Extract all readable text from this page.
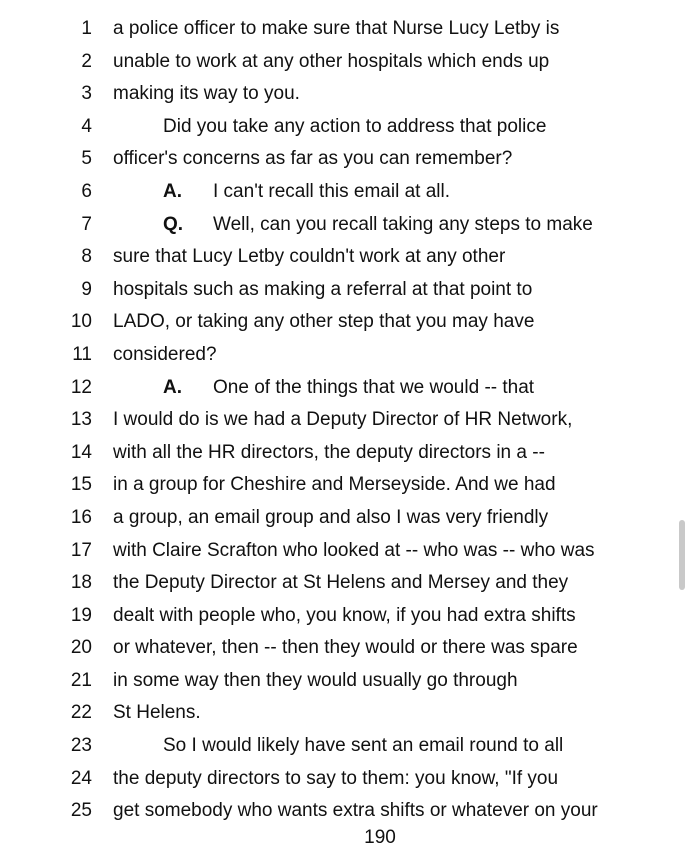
1 a police officer to make sure that Nurse Lucy Letby is
2 unable to work at any other hospitals which ends up
3 making its way to you.
4	Did you take any action to address that police
5 officer's concerns as far as you can remember?
6	A. I can't recall this email at all.
7	Q. Well, can you recall taking any steps to make
8 sure that Lucy Letby couldn't work at any other
9 hospitals such as making a referral at that point to
10 LADO, or taking any other step that you may have
11 considered?
12	A. One of the things that we would -- that
13 I would do is we had a Deputy Director of HR Network,
14 with all the HR directors, the deputy directors in a --
15 in a group for Cheshire and Merseyside. And we had
16 a group, an email group and also I was very friendly
17 with Claire Scrafton who looked at -- who was -- who was
18 the Deputy Director at St Helens and Mersey and they
19 dealt with people who, you know, if you had extra shifts
20 or whatever, then -- then they would or there was spare
21 in some way then they would usually go through
22 St Helens.
23	So I would likely have sent an email round to all
24 the deputy directors to say to them: you know, "If you
25 get somebody who wants extra shifts or whatever on your
190
